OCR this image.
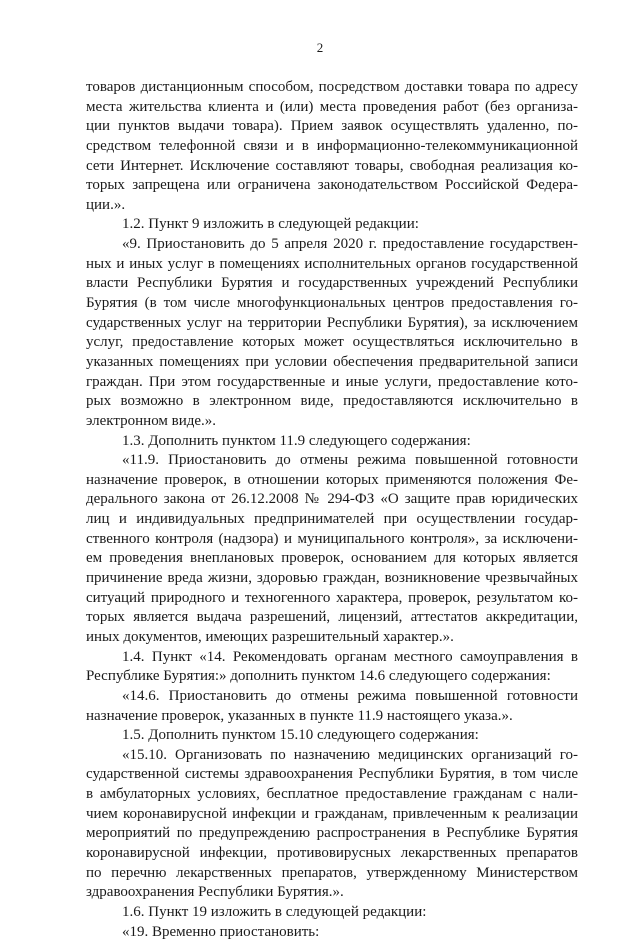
2
товаров дистанционным способом, посредством доставки товара по адресу
места жительства клиента и (или) места проведения работ (без организа-
ции пунктов выдачи товара). Прием заявок осуществлять удаленно, по-
средством телефонной связи и в информационно-телекоммуникационной
сети Интернет. Исключение составляют товары, свободная реализация ко-
торых запрещена или ограничена законодательством Российской Федера-
ции.».
1.2. Пункт 9 изложить в следующей редакции:
«9. Приостановить до 5 апреля 2020 г. предоставление государствен-
ных и иных услуг в помещениях исполнительных органов государственной
власти Республики Бурятия и государственных учреждений Республики
Бурятия (в том числе многофункциональных центров предоставления го-
сударственных услуг на территории Республики Бурятия), за исключением
услуг, предоставление которых может осуществляться исключительно в
указанных помещениях при условии обеспечения предварительной записи
граждан. При этом государственные и иные услуги, предоставление кото-
рых возможно в электронном виде, предоставляются исключительно в
электронном виде.».
1.3. Дополнить пунктом 11.9 следующего содержания:
«11.9. Приостановить до отмены режима повышенной готовности
назначение проверок, в отношении которых применяются положения Фе-
дерального закона от 26.12.2008 № 294-ФЗ «О защите прав юридических
лиц и индивидуальных предпринимателей при осуществлении государ-
ственного контроля (надзора) и муниципального контроля», за исключени-
ем проведения внеплановых проверок, основанием для которых является
причинение вреда жизни, здоровью граждан, возникновение чрезвычайных
ситуаций природного и техногенного характера, проверок, результатом ко-
торых является выдача разрешений, лицензий, аттестатов аккредитации,
иных документов, имеющих разрешительный характер.».
1.4. Пункт «14. Рекомендовать органам местного самоуправления в
Республике Бурятия:» дополнить пунктом 14.6 следующего содержания:
«14.6. Приостановить до отмены режима повышенной готовности
назначение проверок, указанных в пункте 11.9 настоящего указа.».
1.5. Дополнить пунктом 15.10 следующего содержания:
«15.10. Организовать по назначению медицинских организаций го-
сударственной системы здравоохранения Республики Бурятия, в том числе
в амбулаторных условиях, бесплатное предоставление гражданам с нали-
чием коронавирусной инфекции и гражданам, привлеченным к реализации
мероприятий по предупреждению распространения в Республике Бурятия
коронавирусной инфекции, противовирусных лекарственных препаратов
по перечню лекарственных препаратов, утвержденному Министерством
здравоохранения Республики Бурятия.».
1.6. Пункт 19 изложить в следующей редакции:
«19. Временно приостановить:
